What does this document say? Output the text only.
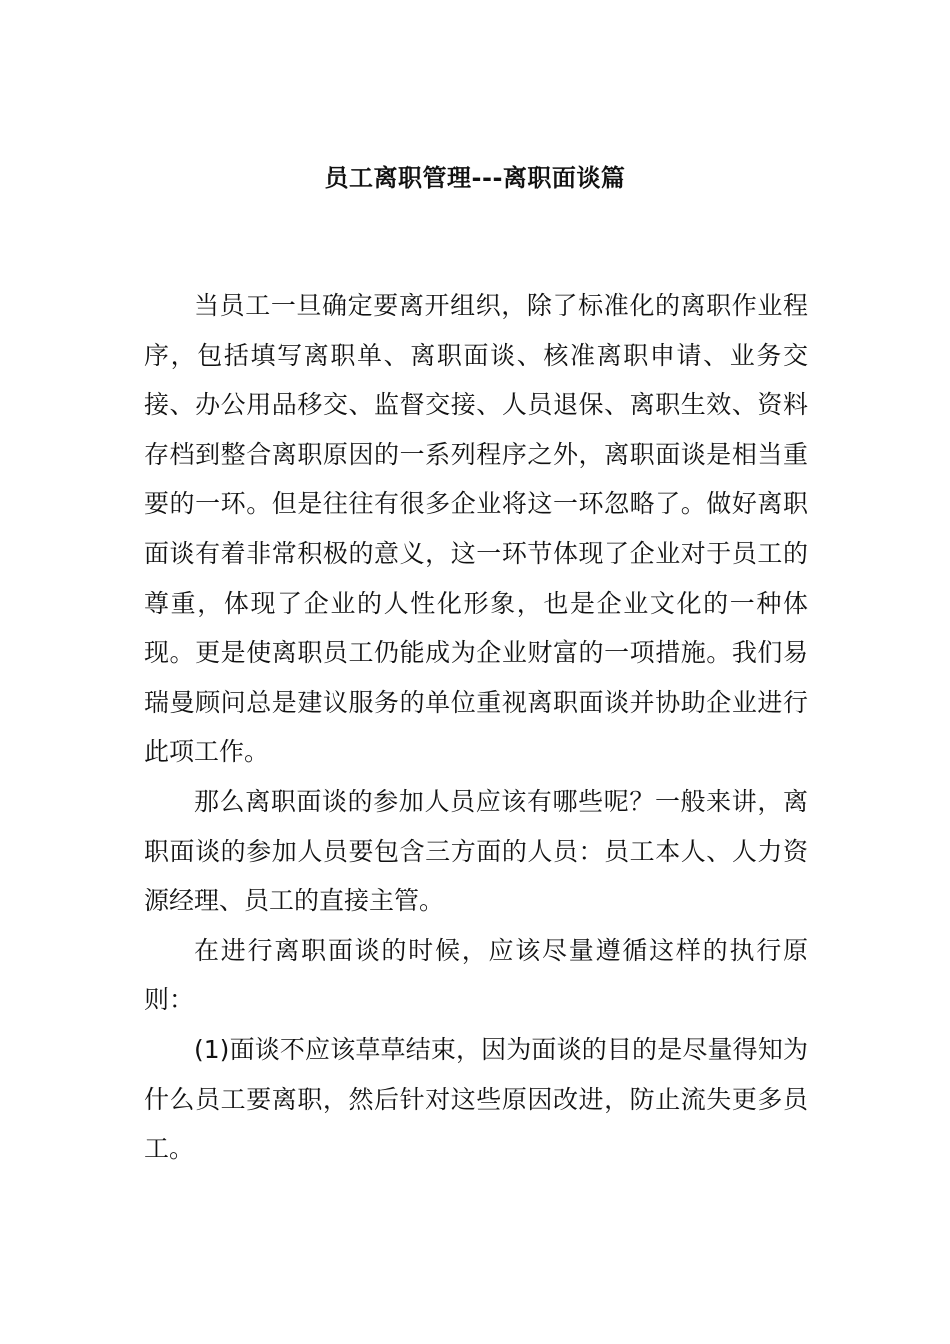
员工离职管理---离职面谈篇

当员工一旦确定要离开组织，除了标准化的离职作业程序，包括填写离职单、离职面谈、核准离职申请、业务交接、办公用品移交、监督交接、人员退保、离职生效、资料存档到整合离职原因的一系列程序之外，离职面谈是相当重要的一环。但是往往有很多企业将这一环忽略了。做好离职面谈有着非常积极的意义，这一环节体现了企业对于员工的尊重，体现了企业的人性化形象，也是企业文化的一种体现。更是使离职员工仍能成为企业财富的一项措施。我们易瑞曼顾问总是建议服务的单位重视离职面谈并协助企业进行此项工作。

那么离职面谈的参加人员应该有哪些呢？一般来讲，离职面谈的参加人员要包含三方面的人员：员工本人、人力资源经理、员工的直接主管。

在进行离职面谈的时候，应该尽量遵循这样的执行原则：

(1)面谈不应该草草结束，因为面谈的目的是尽量得知为什么员工要离职，然后针对这些原因改进，防止流失更多员工。
